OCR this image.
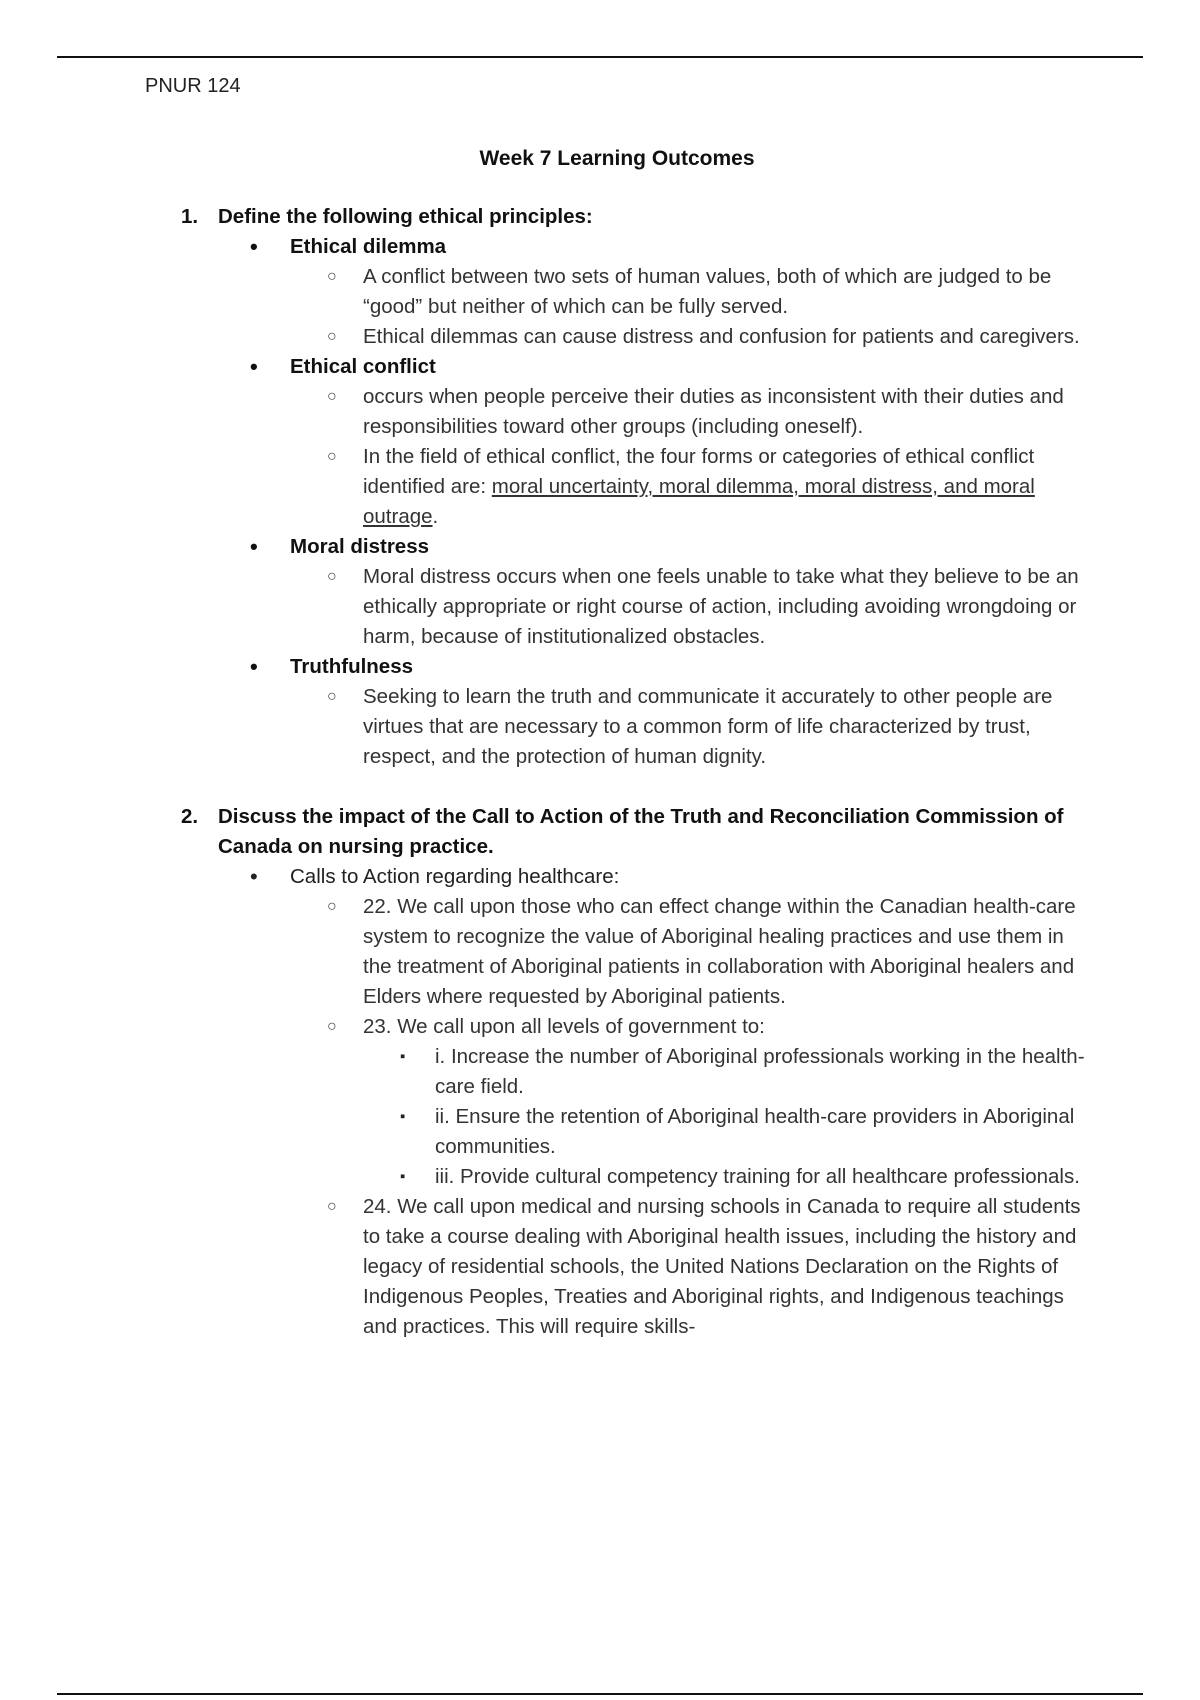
PNUR 124
Week 7 Learning Outcomes
1. Define the following ethical principles:
• Ethical dilemma
○ A conflict between two sets of human values, both of which are judged to be “good” but neither of which can be fully served.
○ Ethical dilemmas can cause distress and confusion for patients and caregivers.
• Ethical conflict
○ occurs when people perceive their duties as inconsistent with their duties and responsibilities toward other groups (including oneself).
○ In the field of ethical conflict, the four forms or categories of ethical conflict identified are: moral uncertainty, moral dilemma, moral distress, and moral outrage.
• Moral distress
○ Moral distress occurs when one feels unable to take what they believe to be an ethically appropriate or right course of action, including avoiding wrongdoing or harm, because of institutionalized obstacles.
• Truthfulness
○ Seeking to learn the truth and communicate it accurately to other people are virtues that are necessary to a common form of life characterized by trust, respect, and the protection of human dignity.
2. Discuss the impact of the Call to Action of the Truth and Reconciliation Commission of Canada on nursing practice.
• Calls to Action regarding healthcare:
○ 22. We call upon those who can effect change within the Canadian health-care system to recognize the value of Aboriginal healing practices and use them in the treatment of Aboriginal patients in collaboration with Aboriginal healers and Elders where requested by Aboriginal patients.
○ 23. We call upon all levels of government to:
▪ i. Increase the number of Aboriginal professionals working in the health-care field.
▪ ii. Ensure the retention of Aboriginal health-care providers in Aboriginal communities.
▪ iii. Provide cultural competency training for all healthcare professionals.
○ 24. We call upon medical and nursing schools in Canada to require all students to take a course dealing with Aboriginal health issues, including the history and legacy of residential schools, the United Nations Declaration on the Rights of Indigenous Peoples, Treaties and Aboriginal rights, and Indigenous teachings and practices. This will require skills-
